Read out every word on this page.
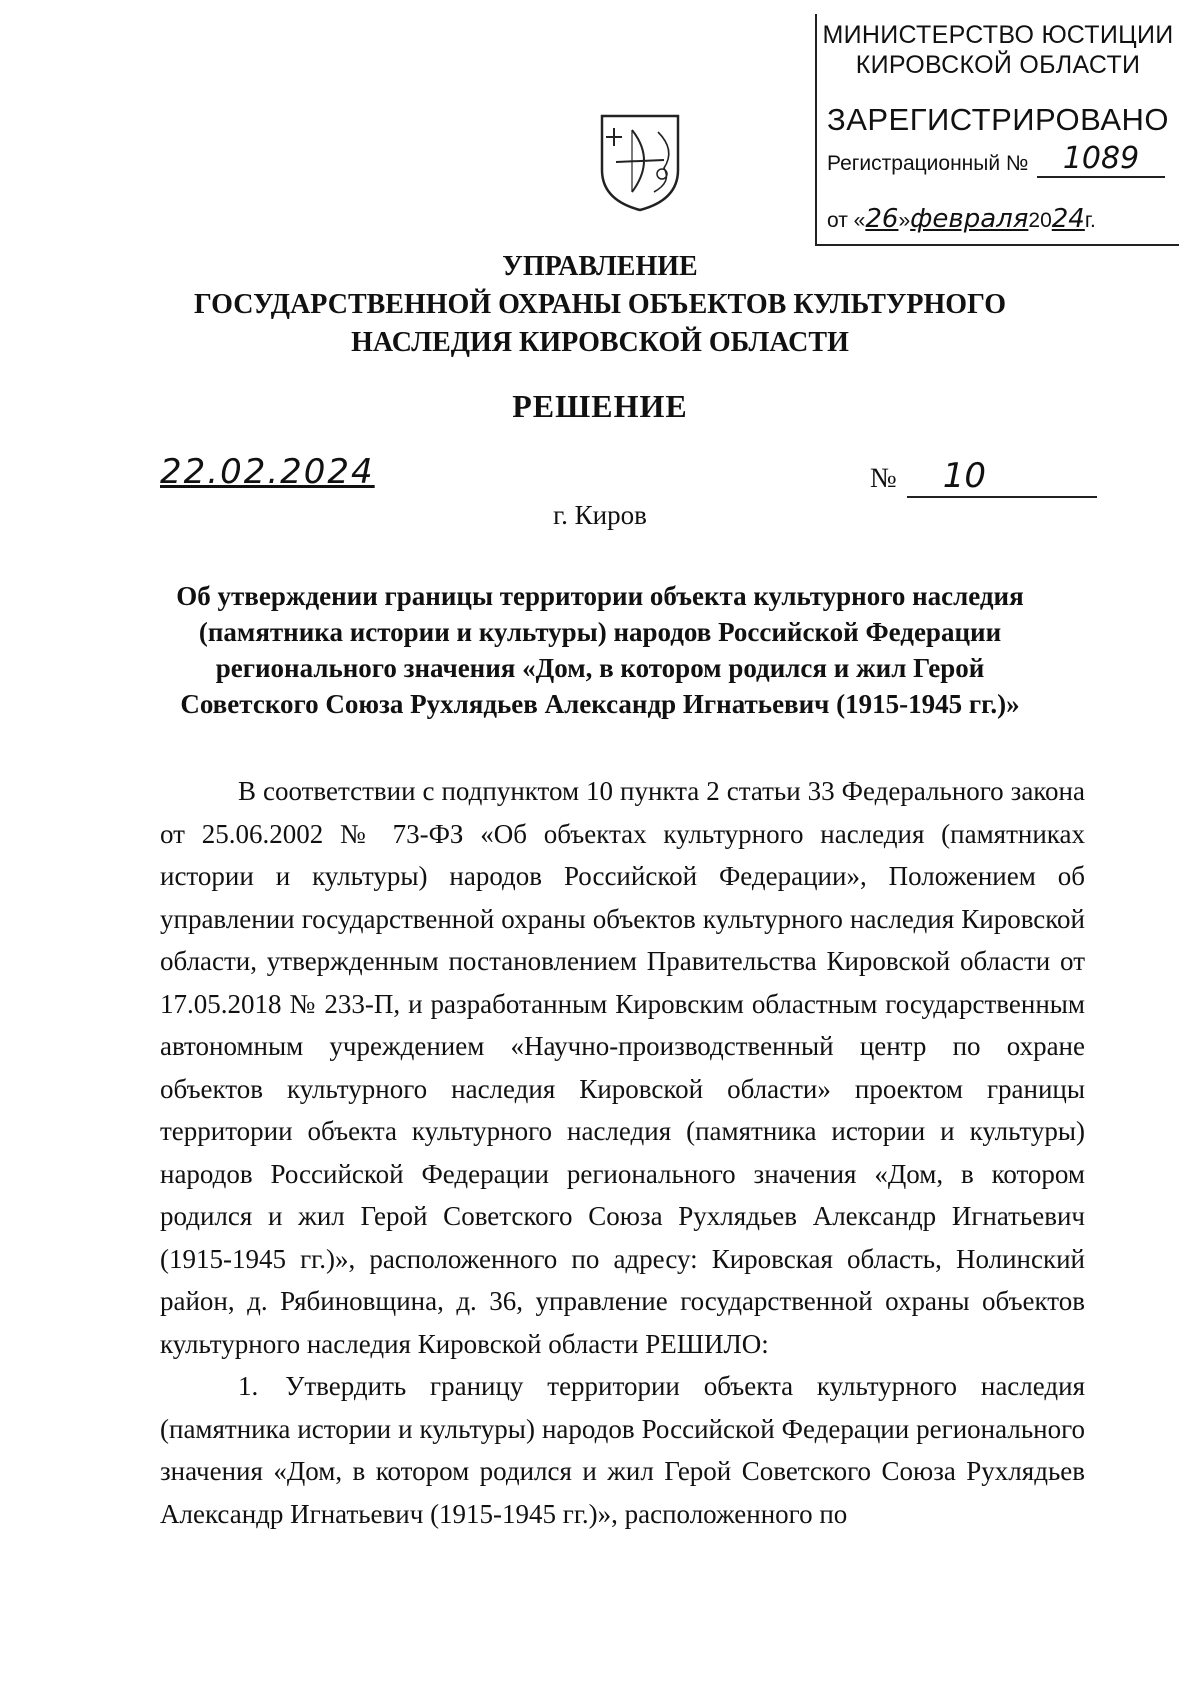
МИНИСТЕРСТВО ЮСТИЦИИ
КИРОВСКОЙ ОБЛАСТИ
ЗАРЕГИСТРИРОВАНО
Регистрационный №	1089
от «26»февраля2024г.
УПРАВЛЕНИЕ
ГОСУДАРСТВЕННОЙ ОХРАНЫ ОБЪЕКТОВ КУЛЬТУРНОГО
НАСЛЕДИЯ КИРОВСКОЙ ОБЛАСТИ
РЕШЕНИЕ
22.02.2024	№ 10
г. Киров
Об утверждении границы территории объекта культурного наследия
(памятника истории и культуры) народов Российской Федерации
регионального значения «Дом, в котором родился и жил Герой
Советского Союза Рухлядьев Александр Игнатьевич (1915-1945 гг.)»

В соответствии с подпунктом 10 пункта 2 статьи 33 Федерального закона от 25.06.2002 № 73-ФЗ «Об объектах культурного наследия (памятниках истории и культуры) народов Российской Федерации», Положением об управлении государственной охраны объектов культурного наследия Кировской области, утвержденным постановлением Правительства Кировской области от 17.05.2018 № 233-П, и разработанным Кировским областным государственным автономным учреждением «Научно-производственный центр по охране объектов культурного наследия Кировской области» проектом границы территории объекта культурного наследия (памятника истории и культуры) народов Российской Федерации регионального значения «Дом, в котором родился и жил Герой Советского Союза Рухлядьев Александр Игнатьевич (1915-1945 гг.)», расположенного по адресу: Кировская область, Нолинский район, д. Рябиновщина, д. 36, управление государственной охраны объектов культурного наследия Кировской области РЕШИЛО:

1. Утвердить границу территории объекта культурного наследия (памятника истории и культуры) народов Российской Федерации регионального значения «Дом, в котором родился и жил Герой Советского Союза Рухлядьев Александр Игнатьевич (1915-1945 гг.)», расположенного по
